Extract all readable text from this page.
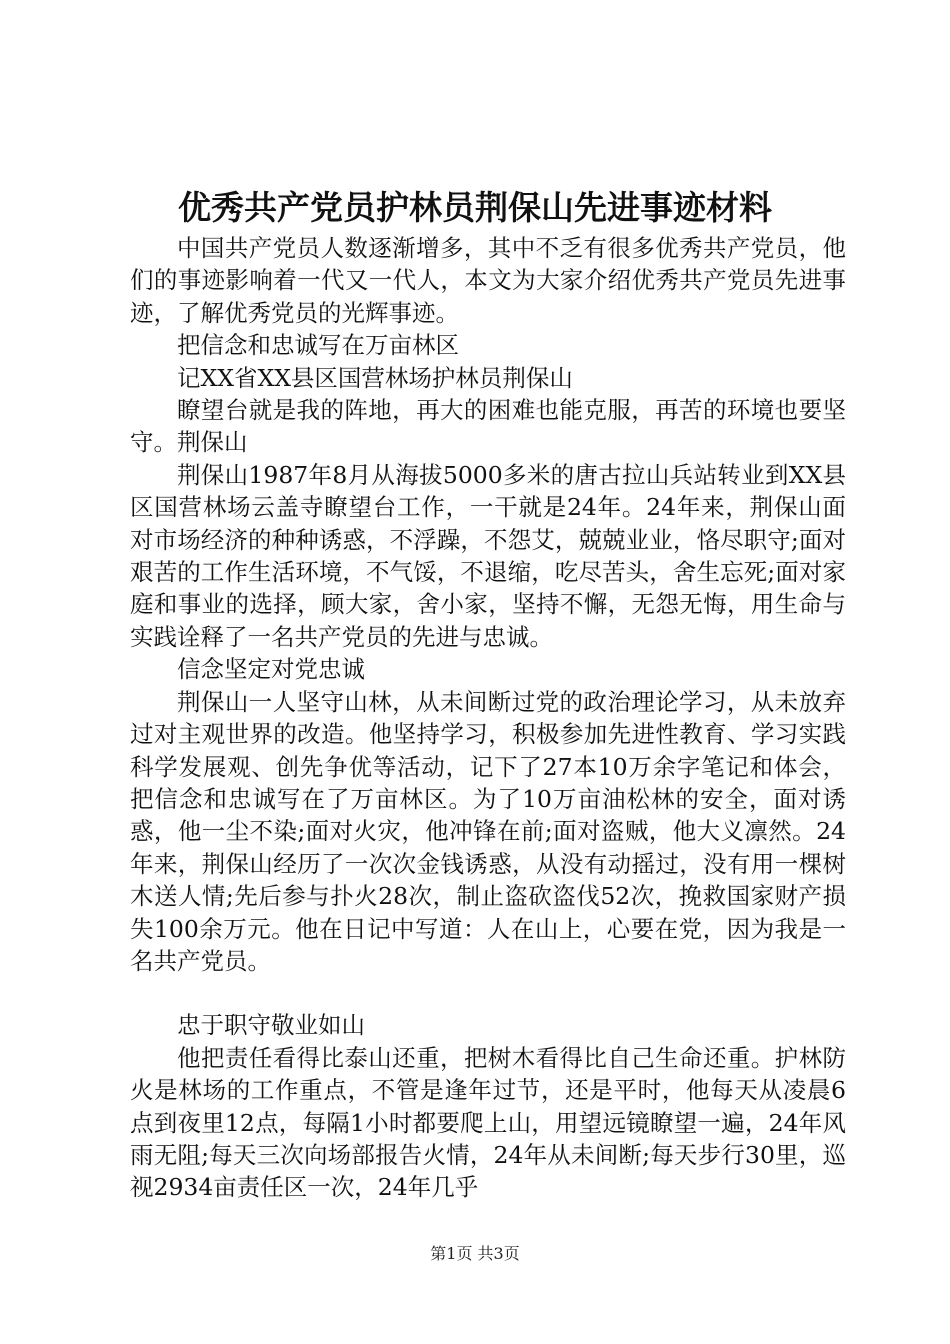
优秀共产党员护林员荆保山先进事迹材料

中国共产党员人数逐渐增多，其中不乏有很多优秀共产党员，他们的事迹影响着一代又一代人，本文为大家介绍优秀共产党员先进事迹，了解优秀党员的光辉事迹。

把信念和忠诚写在万亩林区

记XX省XX县区国营林场护林员荆保山

瞭望台就是我的阵地，再大的困难也能克服，再苦的环境也要坚守。荆保山

荆保山1987年8月从海拔5000多米的唐古拉山兵站转业到XX县区国营林场云盖寺瞭望台工作，一干就是24年。24年来，荆保山面对市场经济的种种诱惑，不浮躁，不怨艾，兢兢业业，恪尽职守;面对艰苦的工作生活环境，不气馁，不退缩，吃尽苦头，舍生忘死;面对家庭和事业的选择，顾大家，舍小家，坚持不懈，无怨无悔，用生命与实践诠释了一名共产党员的先进与忠诚。

信念坚定对党忠诚

荆保山一人坚守山林，从未间断过党的政治理论学习，从未放弃过对主观世界的改造。他坚持学习，积极参加先进性教育、学习实践科学发展观、创先争优等活动，记下了27本10万余字笔记和体会，把信念和忠诚写在了万亩林区。为了10万亩油松林的安全，面对诱惑，他一尘不染;面对火灾，他冲锋在前;面对盗贼，他大义凛然。24年来，荆保山经历了一次次金钱诱惑，从没有动摇过，没有用一棵树木送人情;先后参与扑火28次，制止盗砍盗伐52次，挽救国家财产损失100余万元。他在日记中写道：人在山上，心要在党，因为我是一名共产党员。

忠于职守敬业如山

他把责任看得比泰山还重，把树木看得比自己生命还重。护林防火是林场的工作重点，不管是逢年过节，还是平时，他每天从凌晨6点到夜里12点，每隔1小时都要爬上山，用望远镜瞭望一遍，24年风雨无阻;每天三次向场部报告火情，24年从未间断;每天步行30里，巡视2934亩责任区一次，24年几乎

第1页 共3页
